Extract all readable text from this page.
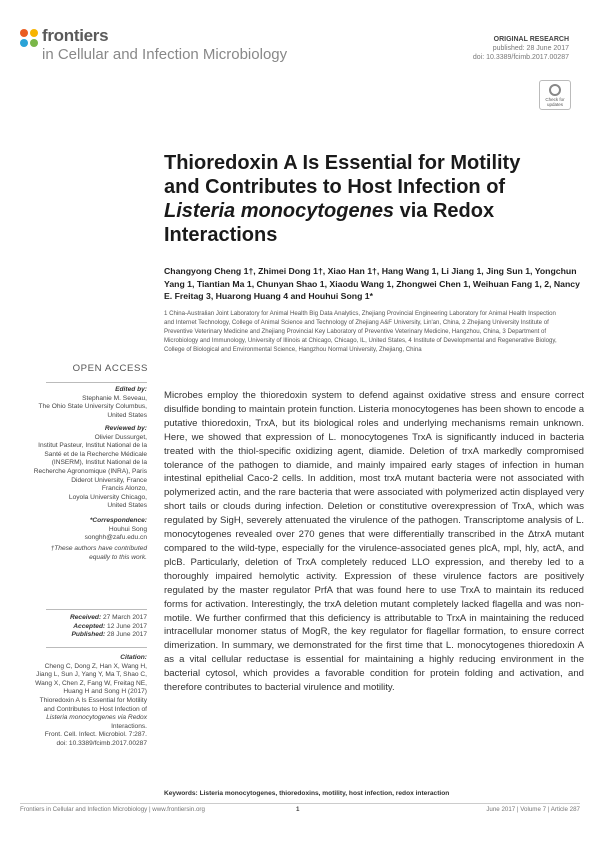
frontiers
in Cellular and Infection Microbiology
ORIGINAL RESEARCH
published: 28 June 2017
doi: 10.3389/fcimb.2017.00287
Check for updates
Thioredoxin A Is Essential for Motility
and Contributes to Host Infection of
Listeria monocytogenes via Redox
Interactions
Changyong Cheng 1†, Zhimei Dong 1†, Xiao Han 1†, Hang Wang 1, Li Jiang 1, Jing Sun 1, Yongchun Yang 1, Tiantian Ma 1, Chunyan Shao 1, Xiaodu Wang 1, Zhongwei Chen 1, Weihuan Fang 1, 2, Nancy E. Freitag 3, Huarong Huang 4 and Houhui Song 1*
1 China-Australian Joint Laboratory for Animal Health Big Data Analytics, Zhejiang Provincial Engineering Laboratory for Animal Health Inspection and Internet Technology, College of Animal Science and Technology of Zhejiang A&F University, Lin'an, China, 2 Zhejiang University Institute of Preventive Veterinary Medicine and Zhejiang Provincial Key Laboratory of Preventive Veterinary Medicine, Hangzhou, China, 3 Department of Microbiology and Immunology, University of Illinois at Chicago, Chicago, IL, United States, 4 Institute of Developmental and Regenerative Biology, College of Biological and Environmental Science, Hangzhou Normal University, Zhejiang, China
OPEN ACCESS
Edited by:
Stephanie M. Seveau,
The Ohio State University Columbus,
United States
Reviewed by:
Olivier Dussurget,
Institut Pasteur, Institut National de la
Santé et de la Recherche Médicale
(INSERM), Institut National de la
Recherche Agronomique (INRA), Paris
Diderot University, France
Francis Alonzo,
Loyola University Chicago,
United States
*Correspondence:
Houhui Song
songhh@zafu.edu.cn
†These authors have contributed
equally to this work.
Received: 27 March 2017
Accepted: 12 June 2017
Published: 28 June 2017
Citation:
Cheng C, Dong Z, Han X, Wang H,
Jiang L, Sun J, Yang Y, Ma T, Shao C,
Wang X, Chen Z, Fang W, Freitag NE,
Huang H and Song H (2017)
Thioredoxin A Is Essential for Motility
and Contributes to Host Infection of
Listeria monocytogenes via Redox
Interactions.
Front. Cell. Infect. Microbiol. 7:287.
doi: 10.3389/fcimb.2017.00287
Microbes employ the thioredoxin system to defend against oxidative stress and ensure correct disulfide bonding to maintain protein function. Listeria monocytogenes has been shown to encode a putative thioredoxin, TrxA, but its biological roles and underlying mechanisms remain unknown. Here, we showed that expression of L. monocytogenes TrxA is significantly induced in bacteria treated with the thiol-specific oxidizing agent, diamide. Deletion of trxA markedly compromised tolerance of the pathogen to diamide, and mainly impaired early stages of infection in human intestinal epithelial Caco-2 cells. In addition, most trxA mutant bacteria were not associated with polymerized actin, and the rare bacteria that were associated with polymerized actin displayed very short tails or clouds during infection. Deletion or constitutive overexpression of TrxA, which was regulated by SigH, severely attenuated the virulence of the pathogen. Transcriptome analysis of L. monocytogenes revealed over 270 genes that were differentially transcribed in the ΔtrxA mutant compared to the wild-type, especially for the virulence-associated genes plcA, mpl, hly, actA, and plcB. Particularly, deletion of TrxA completely reduced LLO expression, and thereby led to a thoroughly impaired hemolytic activity. Expression of these virulence factors are positively regulated by the master regulator PrfA that was found here to use TrxA to maintain its reduced forms for activation. Interestingly, the trxA deletion mutant completely lacked flagella and was non-motile. We further confirmed that this deficiency is attributable to TrxA in maintaining the reduced intracellular monomer status of MogR, the key regulator for flagellar formation, to ensure correct dimerization. In summary, we demonstrated for the first time that L. monocytogenes thioredoxin A as a vital cellular reductase is essential for maintaining a highly reducing environment in the bacterial cytosol, which provides a favorable condition for protein folding and activation, and therefore contributes to bacterial virulence and motility.
Keywords: Listeria monocytogenes, thioredoxins, motility, host infection, redox interaction
Frontiers in Cellular and Infection Microbiology | www.frontiersin.org	1	June 2017 | Volume 7 | Article 287
